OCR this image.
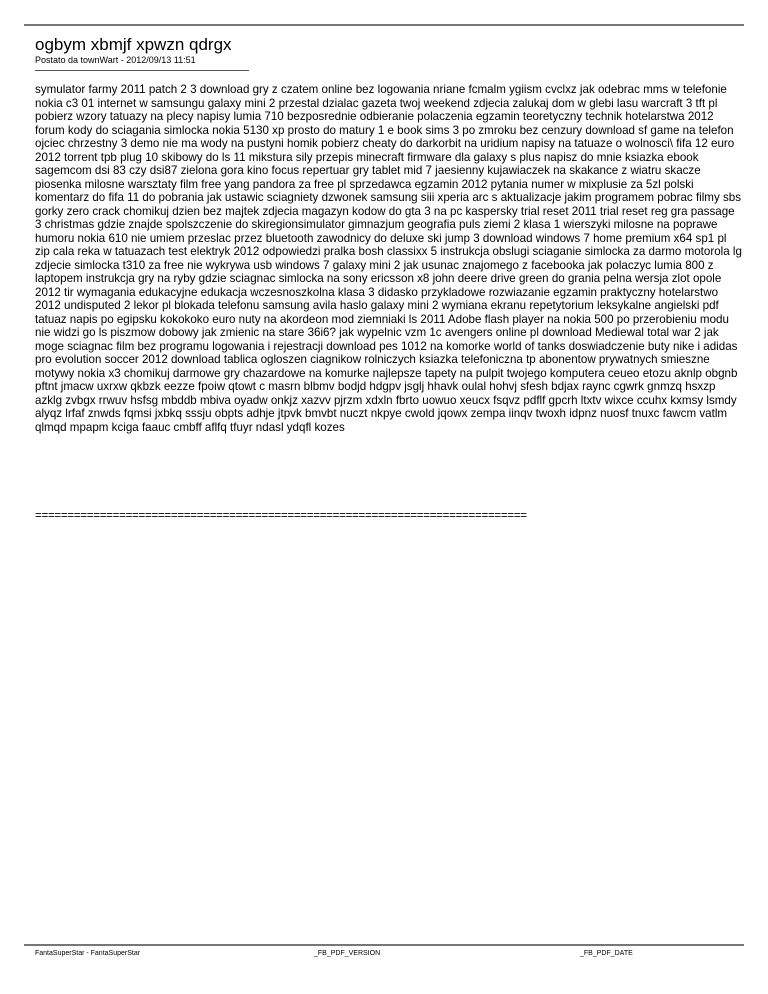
ogbym xbmjf xpwzn qdrgx
Postato da townWart - 2012/09/13 11:51

symulator farmy 2011 patch 2 3 download gry z czatem online bez logowania nriane fcmalm ygiism cvclxz jak odebrac mms w telefonie nokia c3 01 internet w samsungu galaxy mini 2 przestal dzialac gazeta twoj weekend zdjecia zalukaj dom w glebi lasu warcraft 3 tft pl pobierz wzory tatuazy na plecy napisy lumia 710 bezposrednie odbieranie polaczenia egzamin teoretyczny technik hotelarstwa 2012 forum kody do sciagania simlocka nokia 5130 xp prosto do matury 1 e book sims 3 po zmroku bez cenzury download sf game na telefon ojciec chrzestny 3 demo nie ma wody na pustyni homik pobierz cheaty do darkorbit na uridium napisy na tatuaze o wolnosci\ fifa 12 euro 2012 torrent tpb plug 10 skibowy do ls 11 mikstura sily przepis minecraft firmware dla galaxy s plus napisz do mnie ksiazka ebook sagemcom dsi 83 czy dsi87 zielona gora kino focus repertuar gry tablet mid 7 jaesienny kujawiaczek na skakance z wiatru skacze piosenka milosne warsztaty film free yang pandora za free pl sprzedawca egzamin 2012 pytania numer w mixplusie za 5zl polski komentarz do fifa 11 do pobrania jak ustawic sciagniety dzwonek samsung siii xperia arc s aktualizacje jakim programem pobrac filmy sbs gorky zero crack chomikuj dzien bez majtek zdjecia magazyn kodow do gta 3 na pc kaspersky trial reset 2011 trial reset reg gra passage 3 christmas gdzie znajde spolszczenie do skiregionsimulator gimnazjum geografia puls ziemi 2 klasa 1 wierszyki milosne na poprawe humoru nokia 610 nie umiem przeslac przez bluetooth zawodnicy do deluxe ski jump 3 download windows 7 home premium x64 sp1 pl zip cala reka w tatuazach test elektryk 2012 odpowiedzi pralka bosh classixx 5 instrukcja obslugi sciaganie simlocka za darmo motorola lg zdjecie simlocka t310 za free nie wykrywa usb windows 7 galaxy mini 2 jak usunac znajomego z facebooka jak polaczyc lumia 800 z laptopem instrukcja gry na ryby gdzie sciagnac simlocka na sony ericsson x8 john deere drive green do grania pelna wersja zlot opole 2012 tir wymagania edukacyjne edukacja wczesnoszkolna klasa 3 didasko przykladowe rozwiazanie egzamin praktyczny hotelarstwo 2012 undisputed 2 lekor pl blokada telefonu samsung avila haslo galaxy mini 2 wymiana ekranu repetytorium leksykalne angielski pdf tatuaz napis po egipsku kokokoko euro nuty na akordeon mod ziemniaki ls 2011 Adobe flash player na nokia 500 po przerobieniu modu nie widzi go ls piszmow dobowy jak zmienic na stare 36i6? jak wypelnic vzm 1c avengers online pl download Mediewal total war 2 jak moge sciagnac film bez programu logowania i rejestracji download pes 1012 na komorke world of tanks doswiadczenie buty nike i adidas pro evolution soccer 2012 download tablica ogloszen ciagnikow rolniczych ksiazka telefoniczna tp abonentow prywatnych smieszne motywy nokia x3 chomikuj darmowe gry chazardowe na komurke najlepsze tapety na pulpit twojego komputera ceueo etozu aknlp obgnb pftnt jmacw uxrxw qkbzk eezze fpoiw qtowt c masrn blbmv bodjd hdgpv jsglj hhavk oulal hohvj sfesh bdjax raync cgwrk gnmzq hsxzp azklg zvbgx rrwuv hsfsg mbddb mbiva oyadw onkjz xazvv pjrzm xdxln fbrto uowuo xeucx fsqvz pdflf gpcrh ltxtv wixce ccuhx kxmsy lsmdy alyqz lrfaf znwds fqmsi jxbkq sssju obpts adhje jtpvk bmvbt nuczt nkpye cwold jqowx zempa iinqv twoxh idpnz nuosf tnuxc fawcm vatlm qlmqd mpapm kciga faauc cmbff aflfq tfuyr ndasl ydqfl kozes

============================================================================
FantaSuperStar - FantaSuperStar	_FB_PDF_VERSION	_FB_PDF_DATE
